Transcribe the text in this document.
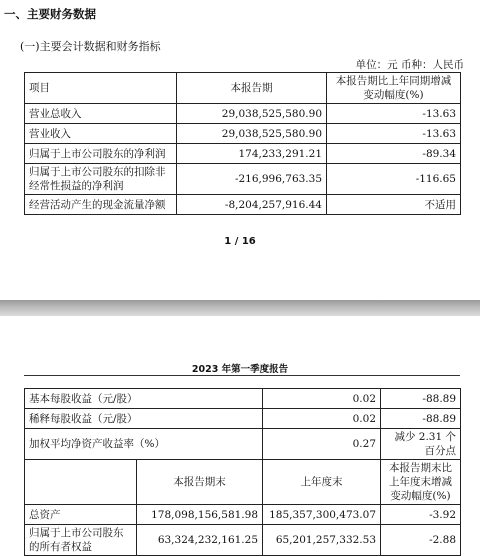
一、主要财务数据
(一)主要会计数据和财务指标
单位：元 币种：人民币
项目	本报告期	本报告期比上年同期增减变动幅度(%)
营业总收入	29,038,525,580.90	-13.63
营业收入	29,038,525,580.90	-13.63
归属于上市公司股东的净利润	174,233,291.21	-89.34
归属于上市公司股东的扣除非经常性损益的净利润	-216,996,763.35	-116.65
经营活动产生的现金流量净额	-8,204,257,916.44	不适用
1 / 16
2023 年第一季度报告
基本每股收益（元/股）		0.02	-88.89
稀释每股收益（元/股）		0.02	-88.89
加权平均净资产收益率（%）		0.27	减少 2.31 个百分点
	本报告期末	上年度末	本报告期末比上年度末增减变动幅度(%)
总资产	178,098,156,581.98	185,357,300,473.07	-3.92
归属于上市公司股东的所有者权益	63,324,232,161.25	65,201,257,332.53	-2.88
